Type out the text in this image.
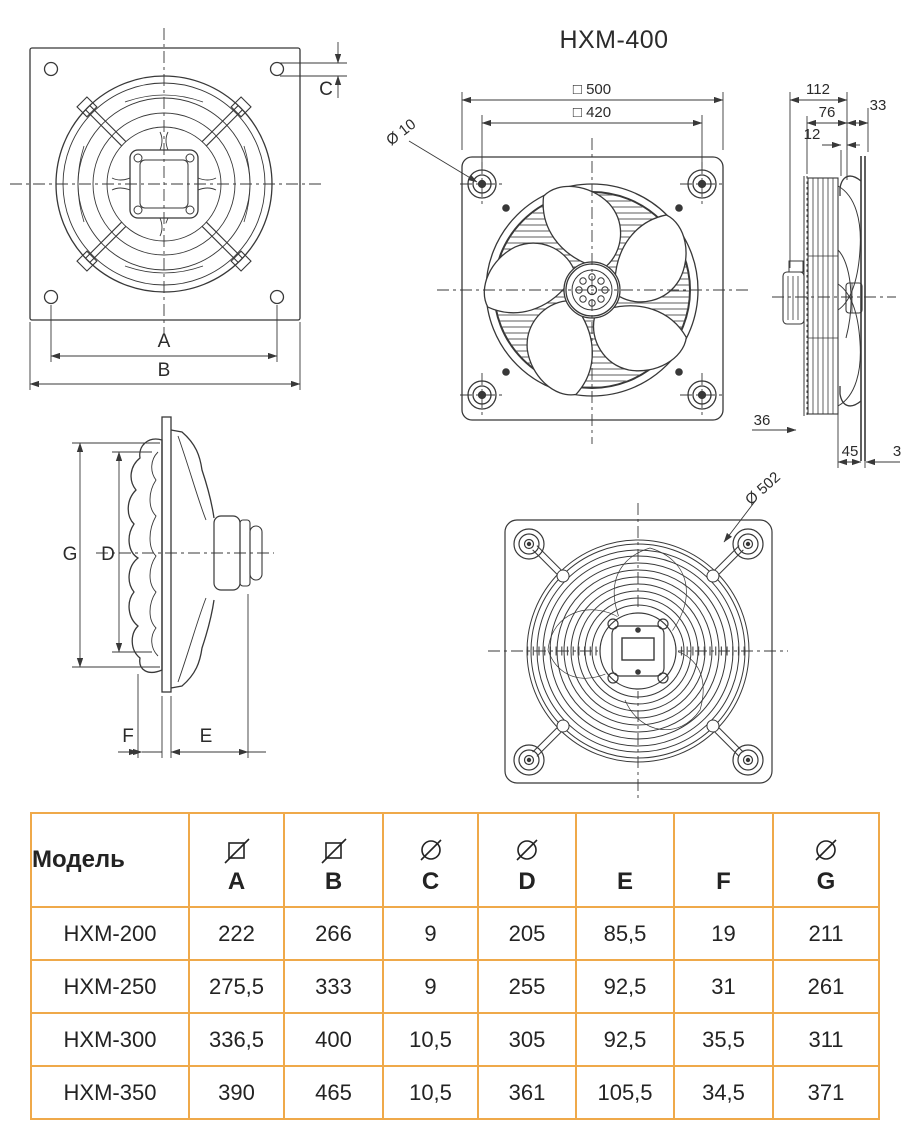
HXM-400
A
B
C	□ 500
□ 420
Ø 10
112
76 33
12
36
45 3
G D
F	E
Ø 502
Модель	A	B	C	D	E	F	G

HXM-200	222	266	9	205	85,5	19	211
HXM-250	275,5	333	9	255	92,5	31	261
HXM-300	336,5	400	10,5	305	92,5	35,5	311
HXM-350	390	465	10,5	361	105,5	34,5	371
